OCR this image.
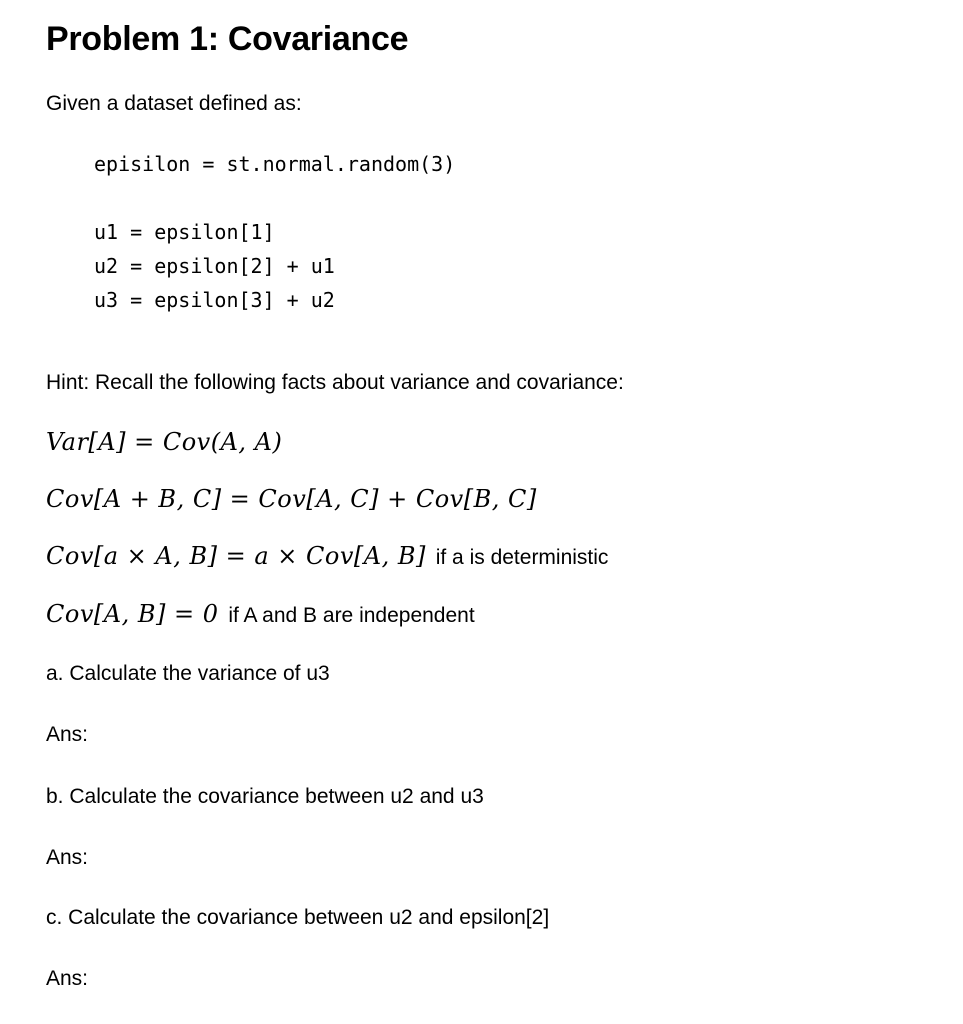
Problem 1: Covariance

Given a dataset defined as:

episilon = st.normal.random(3)
u1 = epsilon[1]
u2 = epsilon[2] + u1
u3 = epsilon[3] + u2

Hint: Recall the following facts about variance and covariance:

Var[A] = Cov(A, A)
Cov[A + B, C] = Cov[A, C] + Cov[B, C]
Cov[a × A, B] = a × Cov[A, B] if a is deterministic
Cov[A, B] = 0 if A and B are independent

a. Calculate the variance of u3

Ans:

b. Calculate the covariance between u2 and u3

Ans:

c. Calculate the covariance between u2 and epsilon[2]

Ans:
